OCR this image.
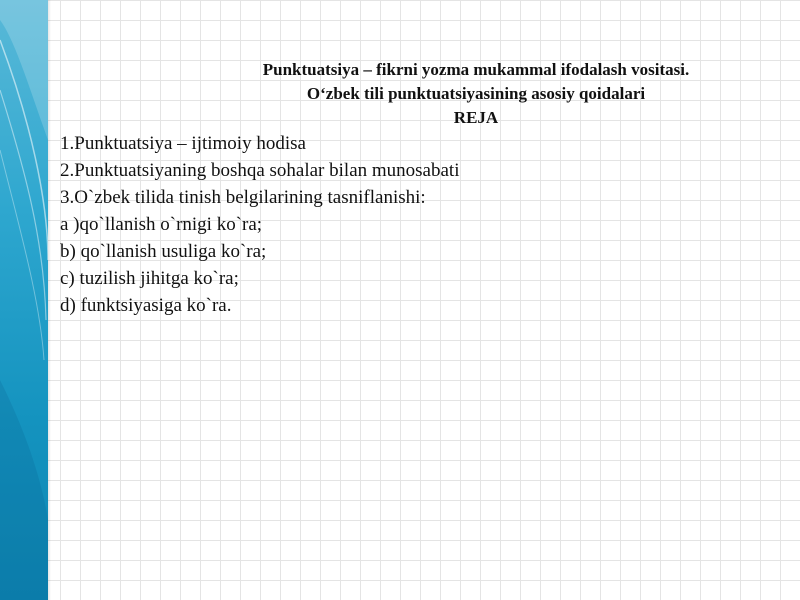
Punktuatsiya – fikrni yozma mukammal ifodalash vositasi.
O‘zbek tili punktuatsiyasining asosiy qoidalari
REJA
1.Punktuatsiya – ijtimoiy hodisa
2.Punktuatsiyaning boshqa sohalar bilan munosabati
3.O`zbek tilida tinish belgilarining tasniflanishi:
a )qo`llanish o`rnigi ko`ra;
b) qo`llanish usuliga ko`ra;
c) tuzilish jihitga ko`ra;
d) funktsiyasiga ko`ra.
